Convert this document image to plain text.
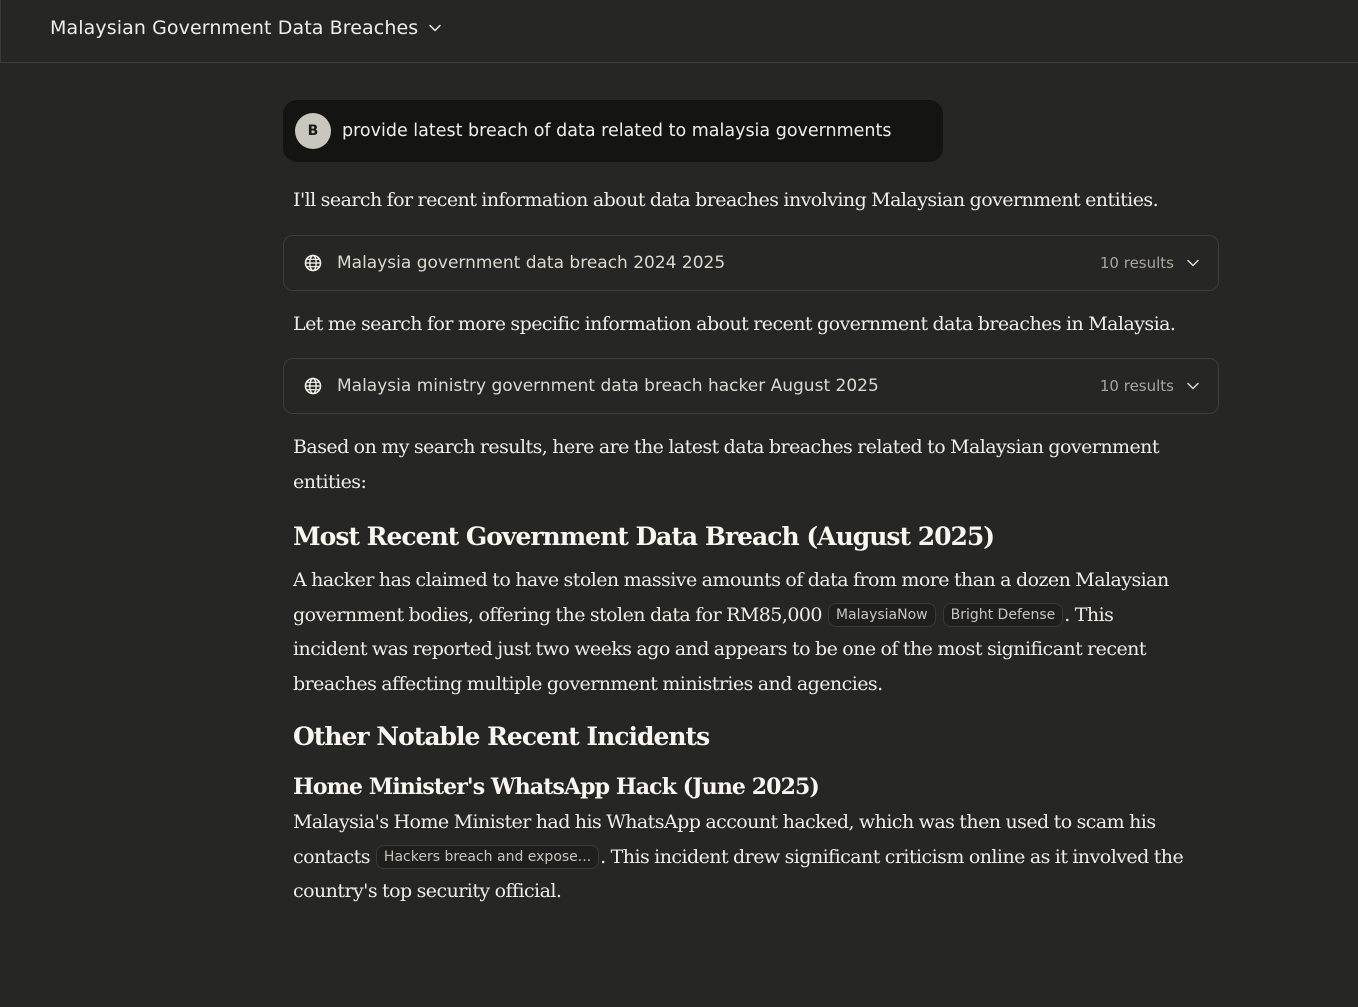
Malaysian Government Data Breaches
B	provide latest breach of data related to malaysia governments
I'll search for recent information about data breaches involving Malaysian government entities.
Malaysia government data breach 2024 2025	10 results
Let me search for more specific information about recent government data breaches in Malaysia.
Malaysia ministry government data breach hacker August 2025	10 results
Based on my search results, here are the latest data breaches related to Malaysian government entities:
Most Recent Government Data Breach (August 2025)
A hacker has claimed to have stolen massive amounts of data from more than a dozen Malaysian government bodies, offering the stolen data for RM85,000 MalaysiaNow Bright Defense . This incident was reported just two weeks ago and appears to be one of the most significant recent breaches affecting multiple government ministries and agencies.
Other Notable Recent Incidents
Home Minister's WhatsApp Hack (June 2025)
Malaysia's Home Minister had his WhatsApp account hacked, which was then used to scam his contacts Hackers breach and expose... . This incident drew significant criticism online as it involved the country's top security official.
